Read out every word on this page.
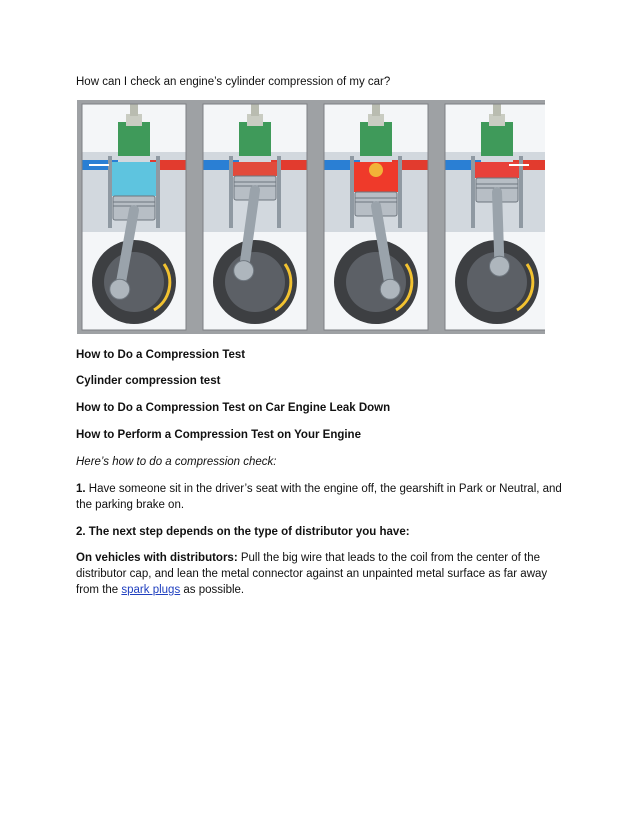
How can I check an engine’s cylinder compression of my car?
How to Do a Compression Test
Cylinder compression test
How to Do a Compression Test on Car Engine Leak Down
How to Perform a Compression Test on Your Engine
Here’s how to do a compression check:
1. Have someone sit in the driver’s seat with the engine off, the gearshift in Park or Neutral, and the parking brake on.
2. The next step depends on the type of distributor you have:
On vehicles with distributors: Pull the big wire that leads to the coil from the center of the distributor cap, and lean the metal connector against an unpainted metal surface as far away from the spark plugs as possible.
